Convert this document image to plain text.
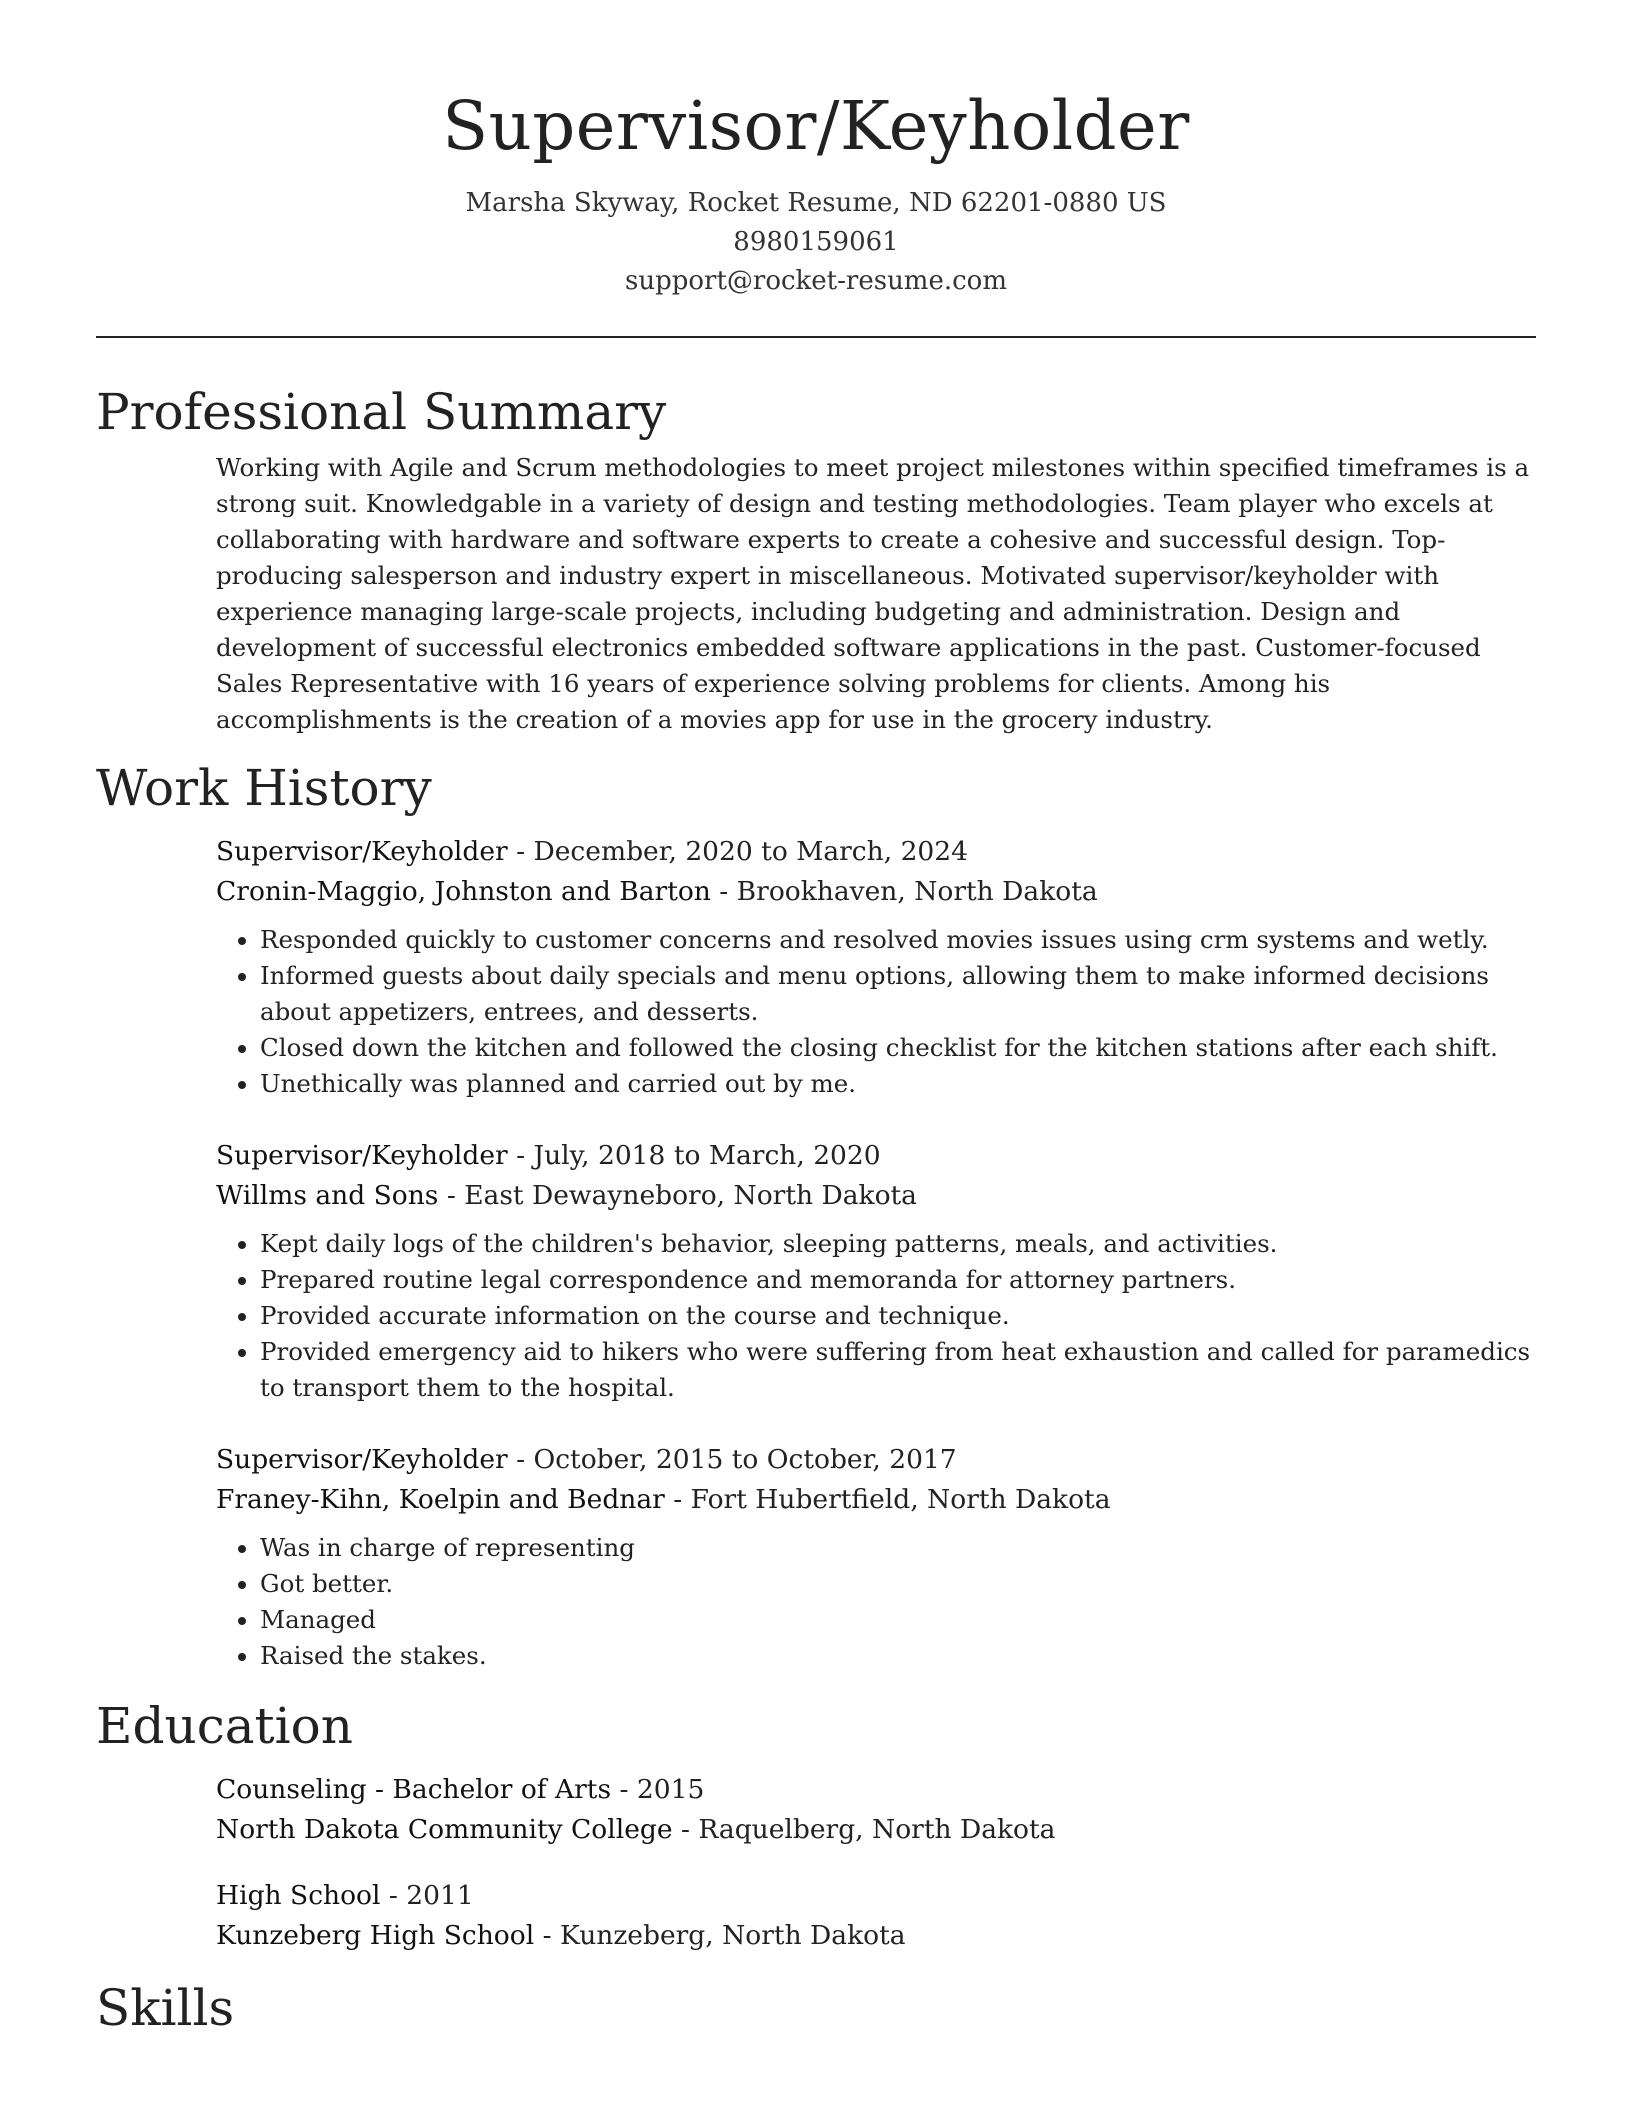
Supervisor/Keyholder
Marsha Skyway, Rocket Resume, ND 62201-0880 US
8980159061
support@rocket-resume.com
Professional Summary

Working with Agile and Scrum methodologies to meet project milestones within specified timeframes is a strong suit. Knowledgable in a variety of design and testing methodologies. Team player who excels at collaborating with hardware and software experts to create a cohesive and successful design. Top-producing salesperson and industry expert in miscellaneous. Motivated supervisor/keyholder with experience managing large-scale projects, including budgeting and administration. Design and development of successful electronics embedded software applications in the past. Customer-focused Sales Representative with 16 years of experience solving problems for clients. Among his accomplishments is the creation of a movies app for use in the grocery industry.

Work History
Supervisor/Keyholder - December, 2020 to March, 2024
Cronin-Maggio, Johnston and Barton - Brookhaven, North Dakota
• Responded quickly to customer concerns and resolved movies issues using crm systems and wetly.
• Informed guests about daily specials and menu options, allowing them to make informed decisions about appetizers, entrees, and desserts.
• Closed down the kitchen and followed the closing checklist for the kitchen stations after each shift.
• Unethically was planned and carried out by me.
Supervisor/Keyholder - July, 2018 to March, 2020
Willms and Sons - East Dewayneboro, North Dakota
• Kept daily logs of the children's behavior, sleeping patterns, meals, and activities.
• Prepared routine legal correspondence and memoranda for attorney partners.
• Provided accurate information on the course and technique.
• Provided emergency aid to hikers who were suffering from heat exhaustion and called for paramedics to transport them to the hospital.
Supervisor/Keyholder - October, 2015 to October, 2017
Franey-Kihn, Koelpin and Bednar - Fort Hubertfield, North Dakota
• Was in charge of representing
• Got better.
• Managed
• Raised the stakes.
Education
Counseling - Bachelor of Arts - 2015
North Dakota Community College - Raquelberg, North Dakota
High School - 2011
Kunzeberg High School - Kunzeberg, North Dakota
Skills
